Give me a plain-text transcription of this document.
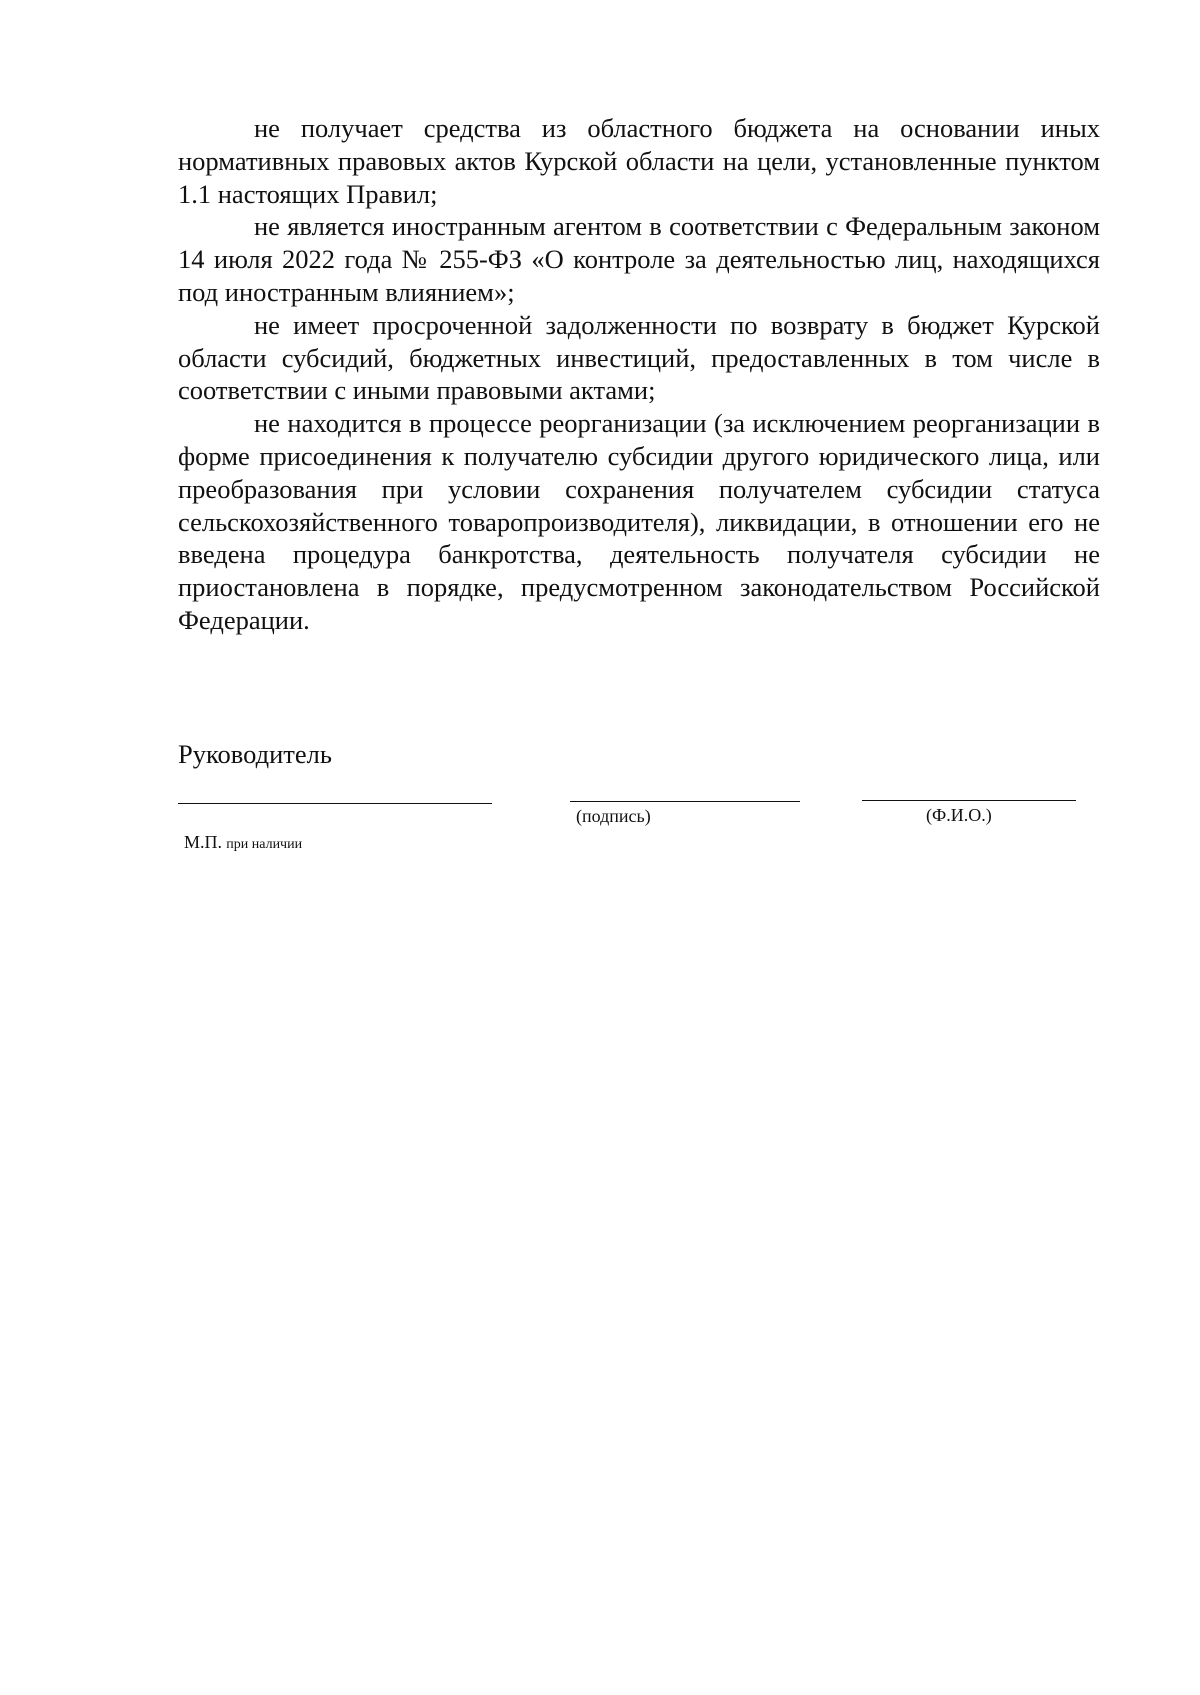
не получает средства из областного бюджета на основании иных нормативных правовых актов Курской области на цели, установленные пунктом 1.1 настоящих Правил;

не является иностранным агентом в соответствии с Федеральным законом 14 июля 2022 года № 255-ФЗ «О контроле за деятельностью лиц, находящихся под иностранным влиянием»;

не имеет просроченной задолженности по возврату в бюджет Курской области субсидий, бюджетных инвестиций, предоставленных в том числе в соответствии с иными правовыми актами;

не находится в процессе реорганизации (за исключением реорганизации в форме присоединения к получателю субсидии другого юридического лица, или преобразования при условии сохранения получателем субсидии статуса сельскохозяйственного товаропроизводителя), ликвидации, в отношении его не введена процедура банкротства, деятельность получателя субсидии не приостановлена в порядке, предусмотренном законодательством Российской Федерации.

Руководитель

(подпись)	(Ф.И.О.)

М.П. при наличии
